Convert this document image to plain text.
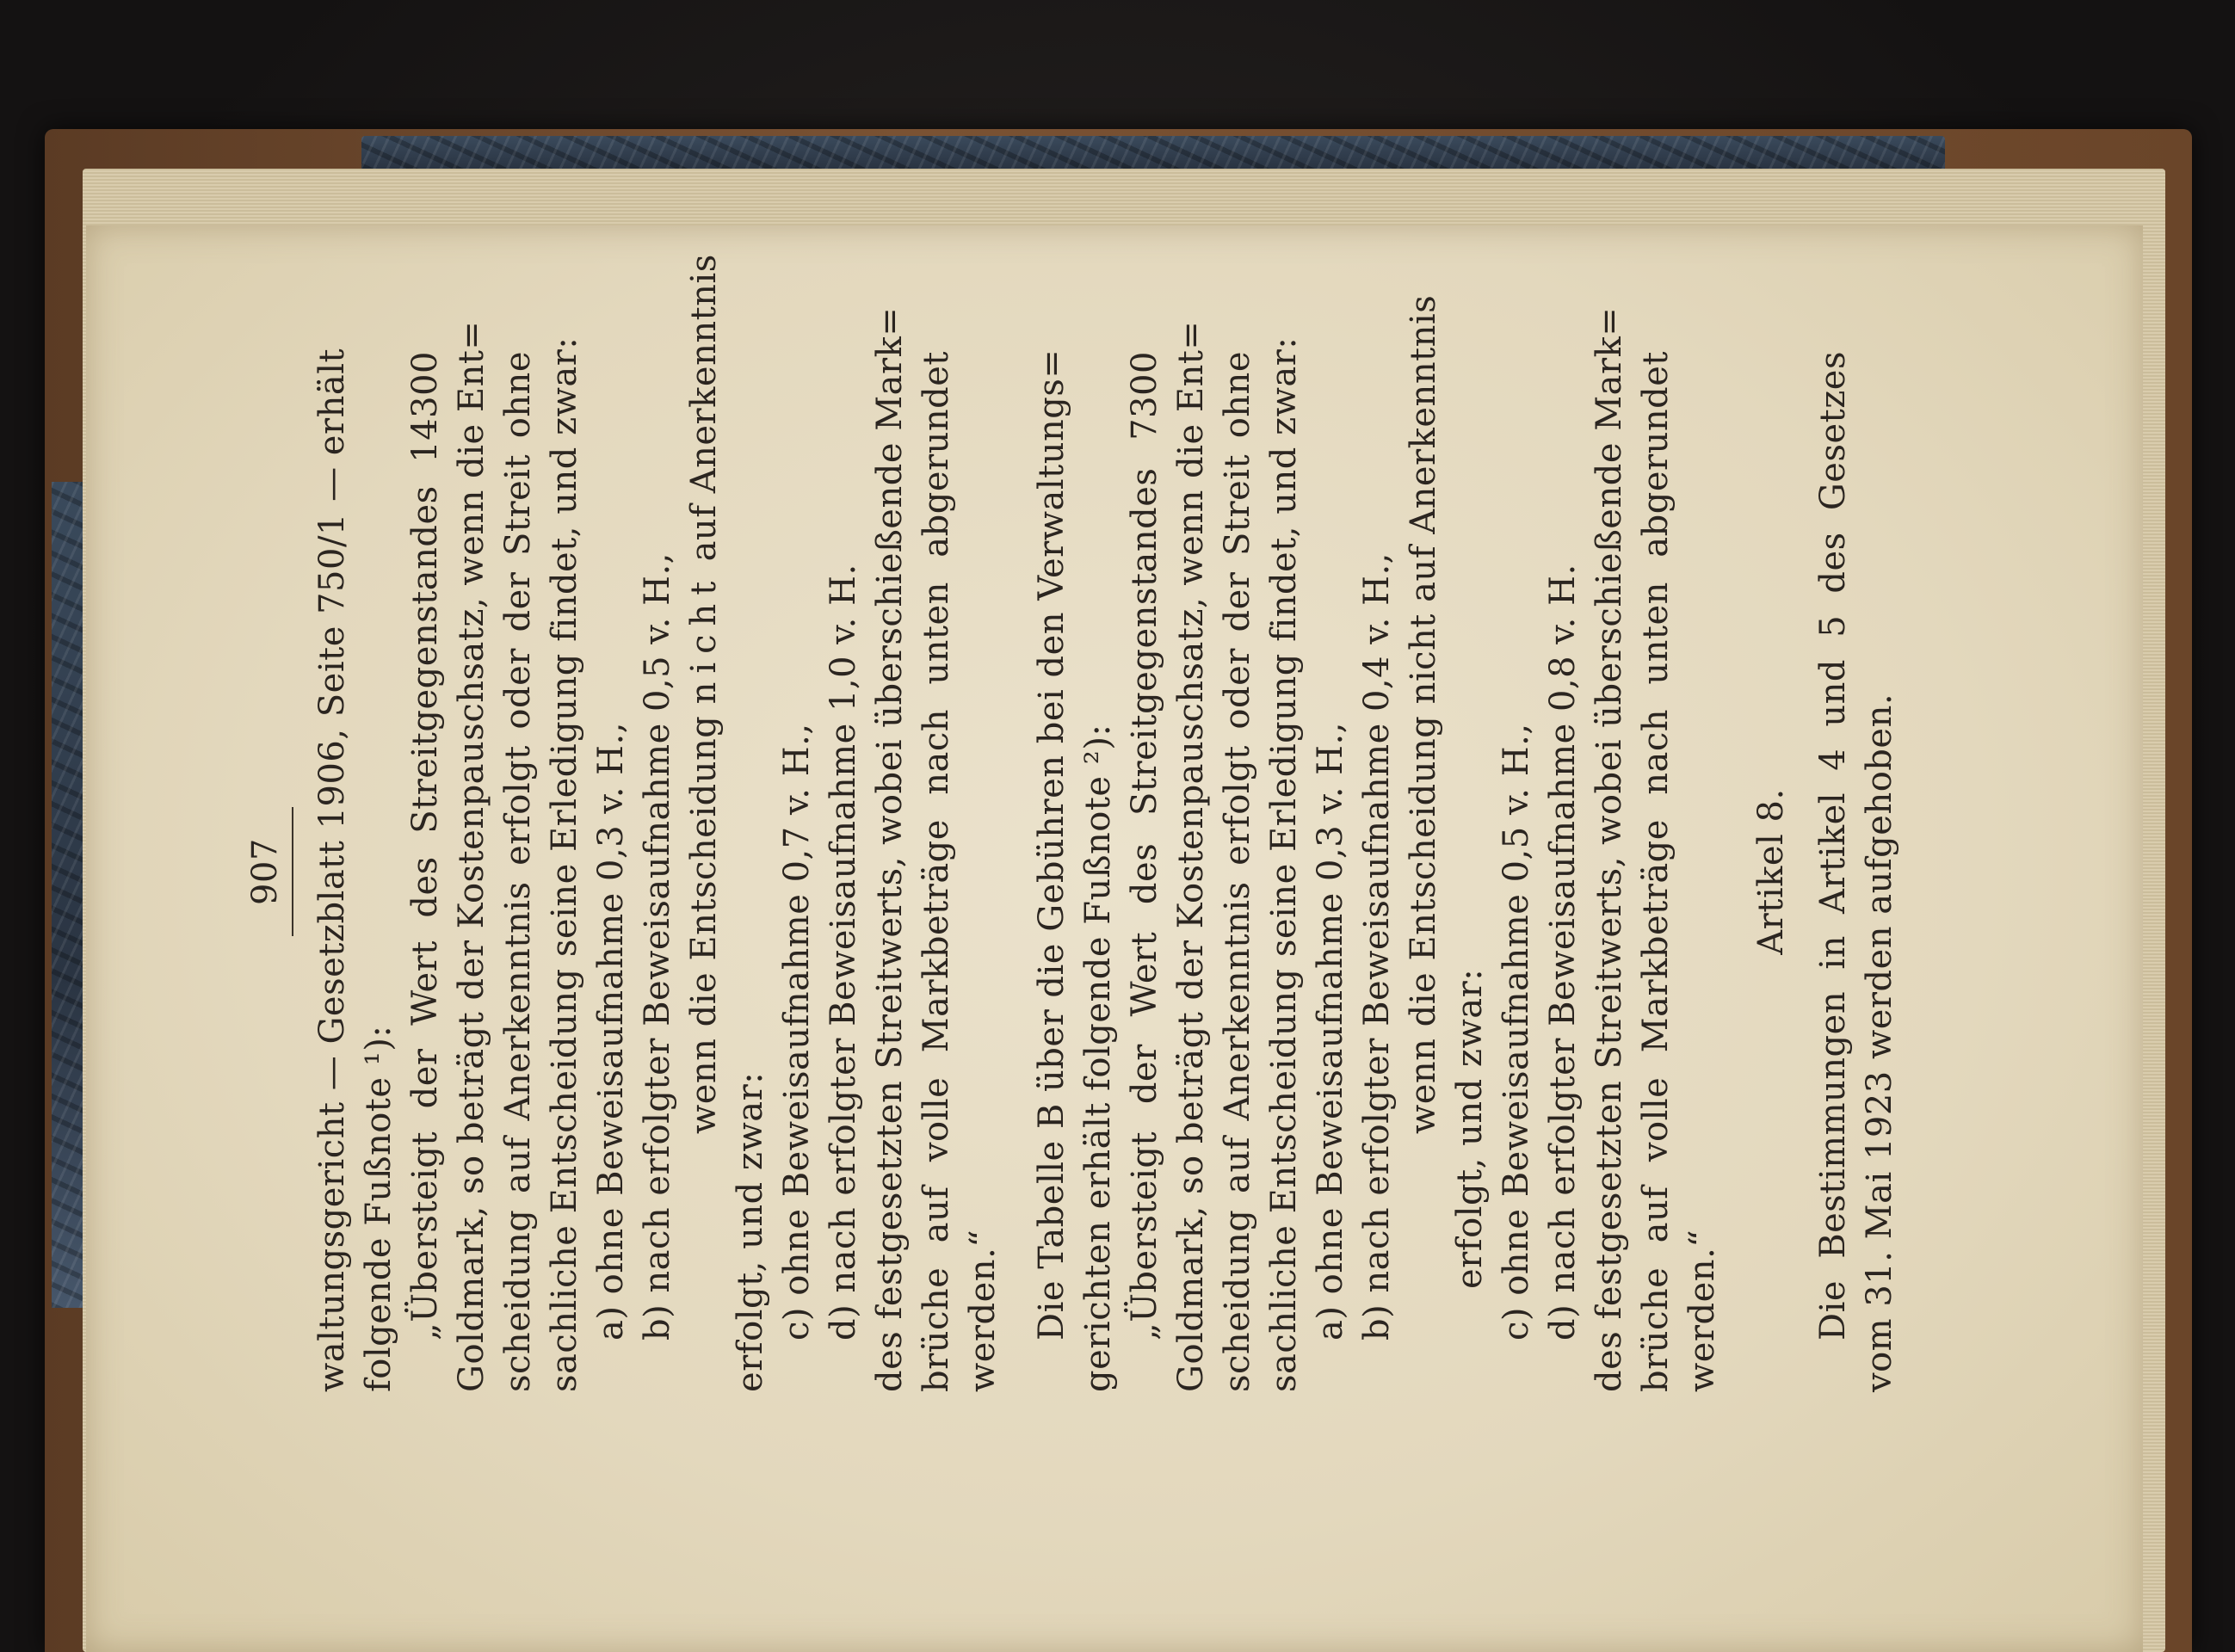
907 waltungsgericht — Gesetzblatt 1906, Seite 750/1 — erhält folgende Fußnote ¹): „Übersteigt der Wert des Streitgegenstandes 14300 Goldmark, so beträgt der Kostenpauschsatz, wenn die Ent= scheidung auf Anerkenntnis erfolgt oder der Streit ohne sachliche Entscheidung seine Erledigung findet, und zwar: a) ohne Beweisaufnahme 0,3 v. H., b) nach erfolgter Beweisaufnahme 0,5 v. H., wenn die Entscheidung nicht auf Anerkenntnis
erfolgt, und zwar: c) ohne Beweisaufnahme 0,7 v. H., d) nach erfolgter Beweisaufnahme 1,0 v. H. des festgesetzten Streitwerts, wobei überschießende Mark= brüche auf volle Markbeträge nach unten abgerundet werden.“ Die Tabelle B über die Gebühren bei den Verwaltungs= gerichten erhält folgende Fußnote ²): „Übersteigt der Wert des Streitgegenstandes 7300 Goldmark, so beträgt der Kostenpauschsatz, wenn die Ent= scheidung auf Anerkenntnis erfolgt oder der Streit ohne sachliche Entscheidung seine Erledigung findet, und zwar: a) ohne Beweisaufnahme 0,3 v. H., b) nach erfolgter Beweisaufnahme 0,4 v. H., wenn die Entscheidung nicht auf Anerkenntnis erfolgt, und zwar: c) ohne Beweisaufnahme 0,5 v. H., d) nach erfolgter Beweisaufnahme 0,8 v. H. des festgesetzten Streitwerts, wobei überschießende Mark= brüche auf volle Markbeträge nach unten abgerundet werden.“
Artikel 8. Die Bestimmungen in Artikel 4 und 5 des Gesetzes vom 31. Mai 1923 werden aufgehoben.
